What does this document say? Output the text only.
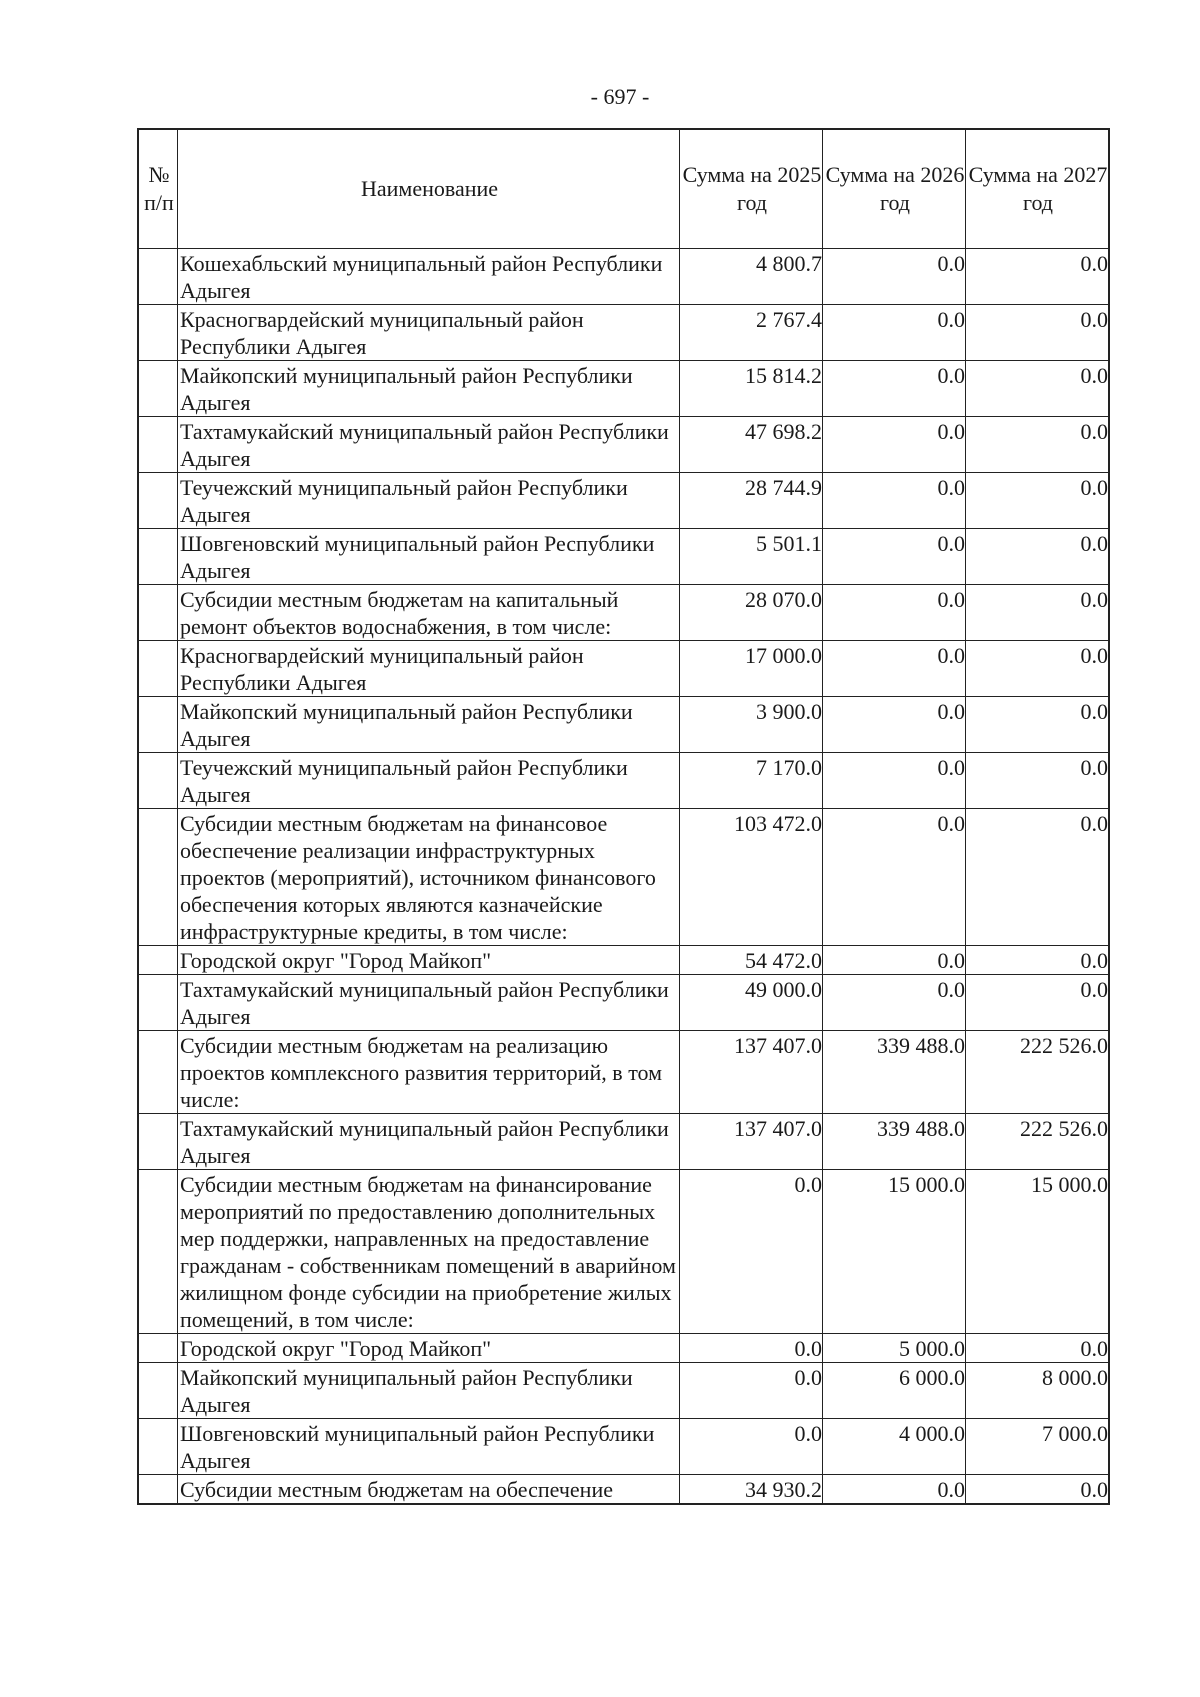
- 697 -
№ п/п	Наименование	Сумма на 2025 год	Сумма на 2026 год	Сумма на 2027 год
	Кошехабльский муниципальный район Республики Адыгея	4 800.7	0.0	0.0
	Красногвардейский муниципальный район Республики Адыгея	2 767.4	0.0	0.0
	Майкопский муниципальный район Республики Адыгея	15 814.2	0.0	0.0
	Тахтамукайский муниципальный район Республики Адыгея	47 698.2	0.0	0.0
	Теучежский муниципальный район Республики Адыгея	28 744.9	0.0	0.0
	Шовгеновский муниципальный район Республики Адыгея	5 501.1	0.0	0.0
	Субсидии местным бюджетам на капитальный ремонт объектов водоснабжения, в том числе:	28 070.0	0.0	0.0
	Красногвардейский муниципальный район Республики Адыгея	17 000.0	0.0	0.0
	Майкопский муниципальный район Республики Адыгея	3 900.0	0.0	0.0
	Теучежский муниципальный район Республики Адыгея	7 170.0	0.0	0.0
	Субсидии местным бюджетам на финансовое обеспечение реализации инфраструктурных проектов (мероприятий), источником финансового обеспечения которых являются казначейские инфраструктурные кредиты, в том числе:	103 472.0	0.0	0.0
	Городской округ "Город Майкоп"	54 472.0	0.0	0.0
	Тахтамукайский муниципальный район Республики Адыгея	49 000.0	0.0	0.0
	Субсидии местным бюджетам на реализацию проектов комплексного развития территорий, в том числе:	137 407.0	339 488.0	222 526.0
	Тахтамукайский муниципальный район Республики Адыгея	137 407.0	339 488.0	222 526.0
	Субсидии местным бюджетам на финансирование мероприятий по предоставлению дополнительных мер поддержки, направленных на предоставление гражданам - собственникам помещений в аварийном жилищном фонде субсидии на приобретение жилых помещений, в том числе:	0.0	15 000.0	15 000.0
	Городской округ "Город Майкоп"	0.0	5 000.0	0.0
	Майкопский муниципальный район Республики Адыгея	0.0	6 000.0	8 000.0
	Шовгеновский муниципальный район Республики Адыгея	0.0	4 000.0	7 000.0
	Субсидии местным бюджетам на обеспечение	34 930.2	0.0	0.0
